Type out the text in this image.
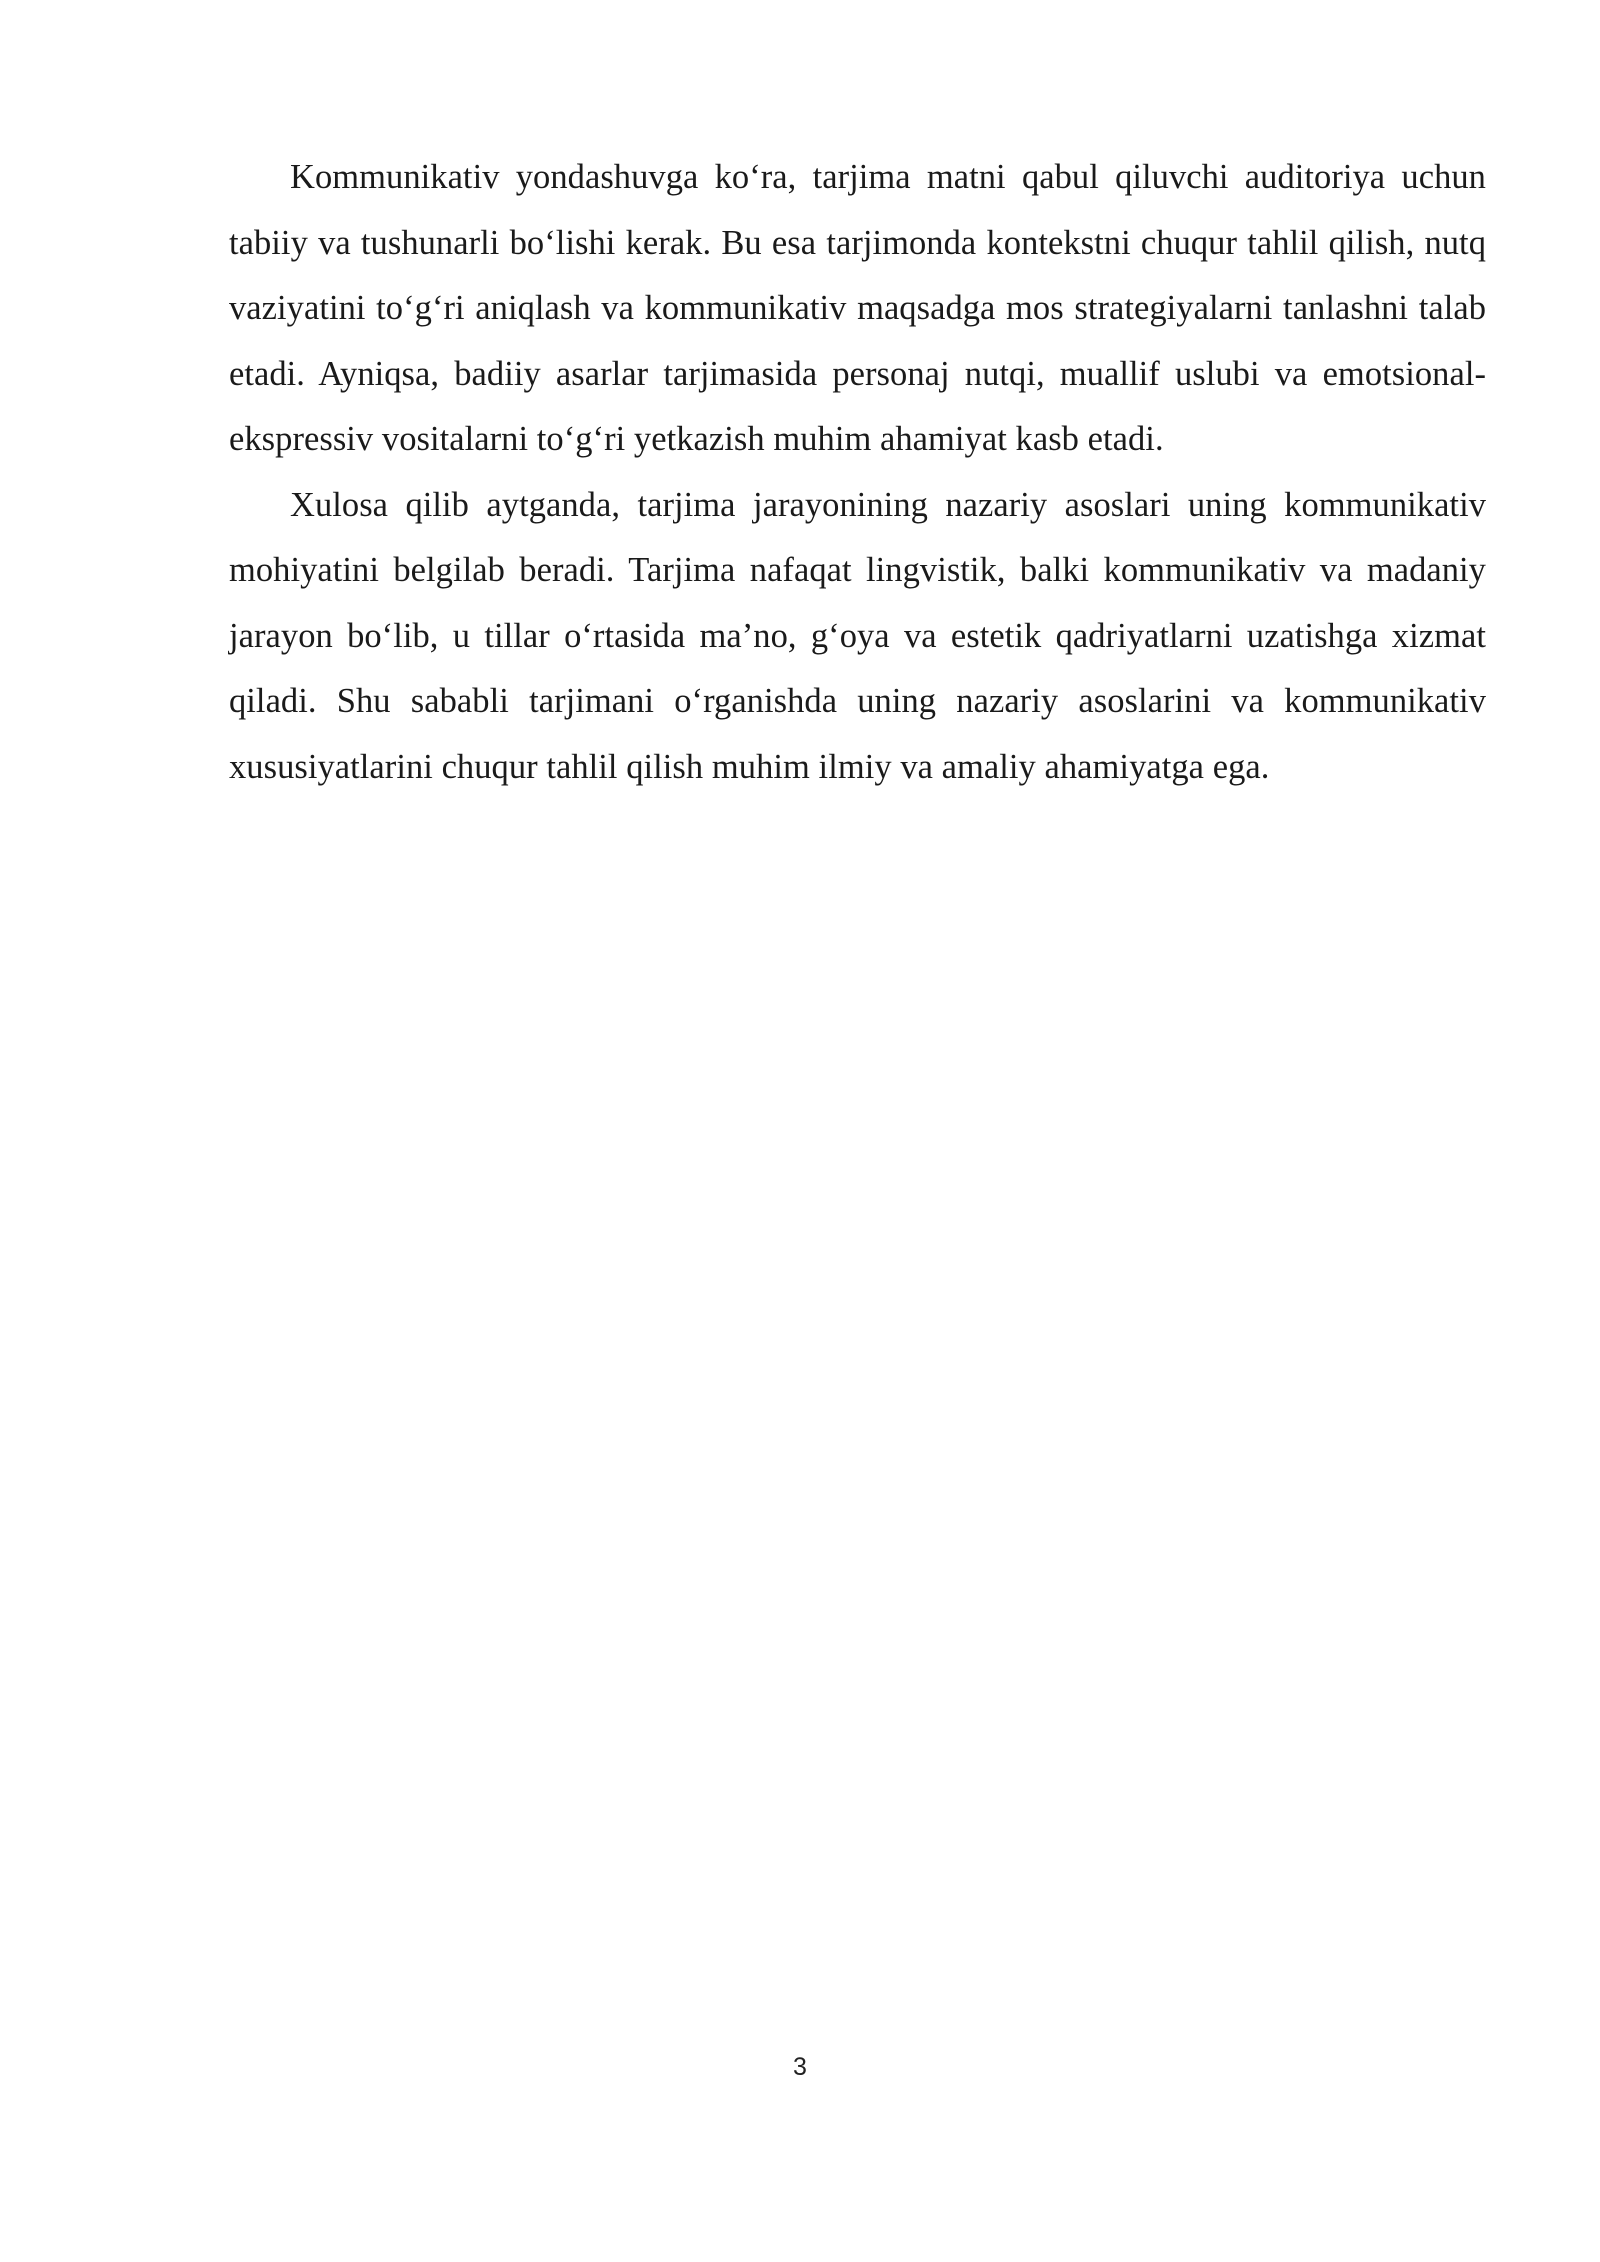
Kommunikativ yondashuvga ko‘ra, tarjima matni qabul qiluvchi auditoriya uchun tabiiy va tushunarli bo‘lishi kerak. Bu esa tarjimonda kontekstni chuqur tahlil qilish, nutq vaziyatini to‘g‘ri aniqlash va kommunikativ maqsadga mos strategiyalarni tanlashni talab etadi. Ayniqsa, badiiy asarlar tarjimasida personaj nutqi, muallif uslubi va emotsional-ekspressiv vositalarni to‘g‘ri yetkazish muhim ahamiyat kasb etadi.

Xulosa qilib aytganda, tarjima jarayonining nazariy asoslari uning kommunikativ mohiyatini belgilab beradi. Tarjima nafaqat lingvistik, balki kommunikativ va madaniy jarayon bo‘lib, u tillar o‘rtasida ma’no, g‘oya va estetik qadriyatlarni uzatishga xizmat qiladi. Shu sababli tarjimani o‘rganishda uning nazariy asoslarini va kommunikativ xususiyatlarini chuqur tahlil qilish muhim ilmiy va amaliy ahamiyatga ega.

3
